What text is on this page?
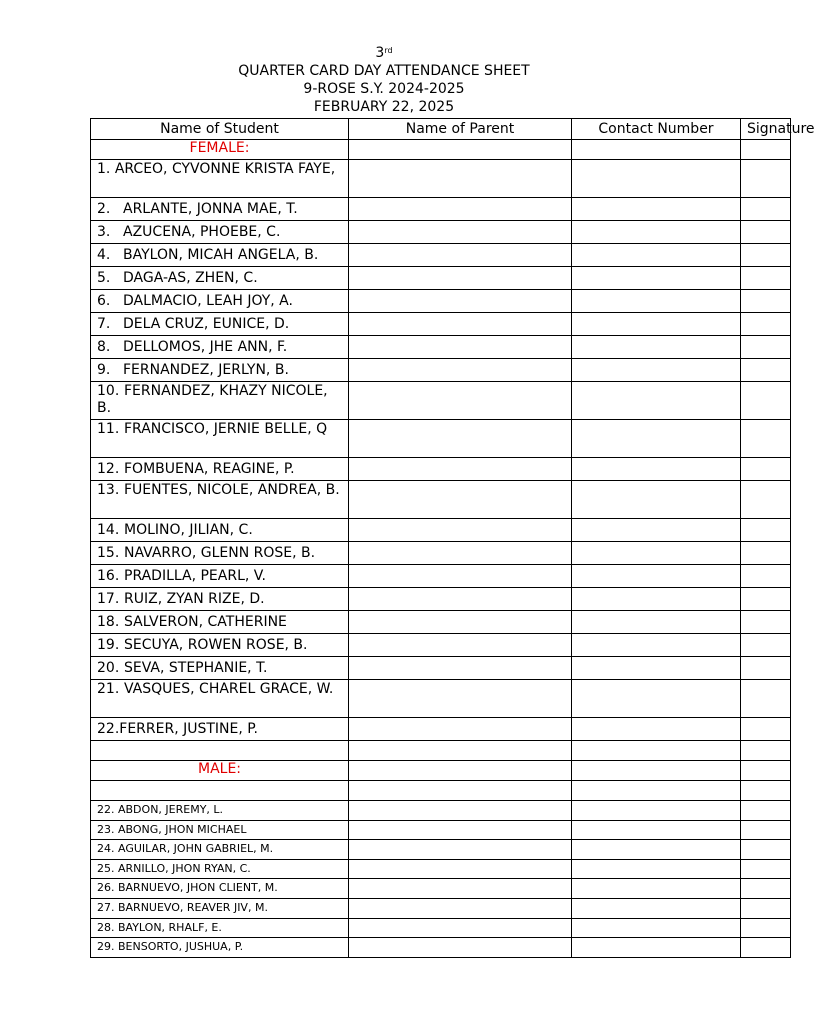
3rd
QUARTER CARD DAY ATTENDANCE SHEET
9-ROSE S.Y. 2024-2025
FEBRUARY 22, 2025
Name of Student	Name of Parent	Contact Number	Signature
FEMALE:			
1. ARCEO, CYVONNE KRISTA FAYE,			
2. ARLANTE, JONNA MAE, T.			
3. AZUCENA, PHOEBE, C.			
4. BAYLON, MICAH ANGELA, B.			
5. DAGA-AS, ZHEN, C.			
6. DALMACIO, LEAH JOY, A.			
7. DELA CRUZ, EUNICE, D.			
8. DELLOMOS, JHE ANN, F.			
9. FERNANDEZ, JERLYN, B.			
10. FERNANDEZ, KHAZY NICOLE, B.			
11. FRANCISCO, JERNIE BELLE, Q			
12. FOMBUENA, REAGINE, P.			
13. FUENTES, NICOLE, ANDREA, B.			
14. MOLINO, JILIAN, C.			
15. NAVARRO, GLENN ROSE, B.			
16. PRADILLA, PEARL, V.			
17. RUIZ, ZYAN RIZE, D.			
18. SALVERON, CATHERINE			
19. SECUYA, ROWEN ROSE, B.			
20. SEVA, STEPHANIE, T.			
21. VASQUES, CHAREL GRACE, W.			
22.FERRER, JUSTINE, P.			

MALE:			

22. ABDON, JEREMY, L.			
23. ABONG, JHON MICHAEL			
24. AGUILAR, JOHN GABRIEL, M.			
25. ARNILLO, JHON RYAN, C.			
26. BARNUEVO, JHON CLIENT, M.			
27. BARNUEVO, REAVER JIV, M.			
28. BAYLON, RHALF, E.			
29. BENSORTO, JUSHUA, P.			
